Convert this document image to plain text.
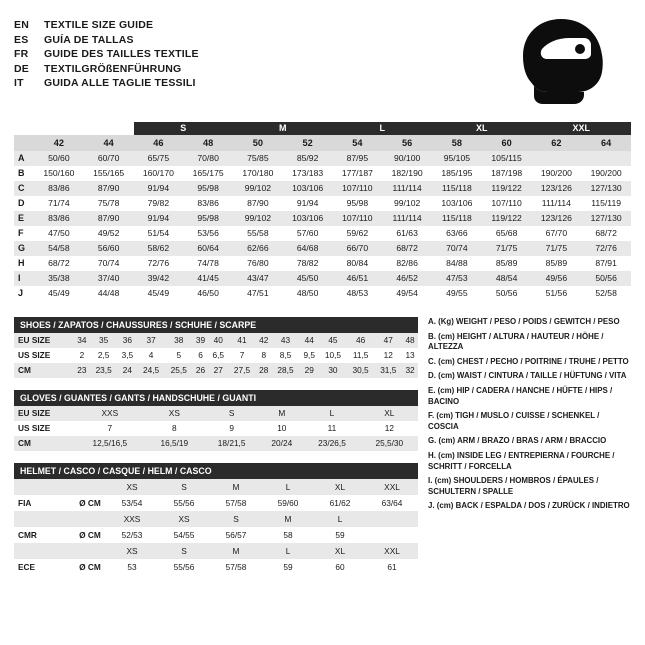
EN	TEXTILE SIZE GUIDE
ES	GUÍA DE TALLAS
FR	GUIDE DES TAILLES TEXTILE
DE	TEXTILGRÖßENFÜHRUNG
IT	GUIDA ALLE TAGLIE TESSILI
			S		M		L		XL		XXL		
	42	44	46	48	50	52	54	56	58	60	62	64	
A	50/60	60/70	65/75	70/80	75/85	85/92	87/95	90/100	95/105	105/115			
B	150/160	155/165	160/170	165/175	170/180	173/183	177/187	182/190	185/195	187/198	190/200	190/200	
C	83/86	87/90	91/94	95/98	99/102	103/106	107/110	111/114	115/118	119/122	123/126	127/130	
D	71/74	75/78	79/82	83/86	87/90	91/94	95/98	99/102	103/106	107/110	111/114	115/119	
E	83/86	87/90	91/94	95/98	99/102	103/106	107/110	111/114	115/118	119/122	123/126	127/130	
F	47/50	49/52	51/54	53/56	55/58	57/60	59/62	61/63	63/66	65/68	67/70	68/72	
G	54/58	56/60	58/62	60/64	62/66	64/68	66/70	68/72	70/74	71/75	71/75	72/76	
H	68/72	70/74	72/76	74/78	76/80	78/82	80/84	82/86	84/88	85/89	85/89	87/91	
I	35/38	37/40	39/42	41/45	43/47	45/50	46/51	46/52	47/53	48/54	49/56	50/56	
J	45/49	44/48	45/49	46/50	47/51	48/50	48/53	49/54	49/55	50/56	51/56	52/58	
SHOES / ZAPATOS / CHAUSSURES / SCHUHE / SCARPE
EU SIZE	34	35	36	37	38	39	40	41	42	43	44	45	46	47	48
US SIZE	2	2,5	3,5	4	5	6	6,5	7	8	8,5	9,5	10,5	11,5	12	13
CM	23	23,5	24	24,5	25,5	26	27	27,5	28	28,5	29	30	30,5	31,5	32
GLOVES / GUANTES / GANTS / HANDSCHUHE / GUANTI
EU SIZE	XXS	XS	S	M	L	XL
US SIZE	7	8	9	10	11	12
CM	12,5/16,5	16,5/19	18/21,5	20/24	23/26,5	25,5/30
HELMET / CASCO / CASQUE / HELM / CASCO
		XS	S	M	L	XL	XXL
FIA	Ø CM	53/54	55/56	57/58	59/60	61/62	63/64
		XXS	XS	S	M	L	
CMR	Ø CM	52/53	54/55	56/57	58	59	
		XS	S	M	L	XL	XXL
ECE	Ø CM	53	55/56	57/58	59	60	61
A. (Kg) WEIGHT / PESO / POIDS / GEWITCH / PESO
B. (cm) HEIGHT / ALTURA / HAUTEUR / HÖHE / ALTEZZA
C. (cm) CHEST / PECHO / POITRINE / TRUHE / PETTO
D. (cm) WAIST / CINTURA / TAILLE / HÜFTUNG / VITA
E. (cm) HIP / CADERA / HANCHE / HÜFTE / HIPS / BACINO
F. (cm) TIGH / MUSLO / CUISSE / SCHENKEL / COSCIA
G. (cm) ARM / BRAZO / BRAS / ARM / BRACCIO
H. (cm) INSIDE LEG / ENTREPIERNA / FOURCHE / SCHRITT / FORCELLA
I. (cm) SHOULDERS / HOMBROS / ÉPAULES / SCHULTERN / SPALLE
J. (cm) BACK / ESPALDA / DOS / ZURÜCK / INDIETRO
